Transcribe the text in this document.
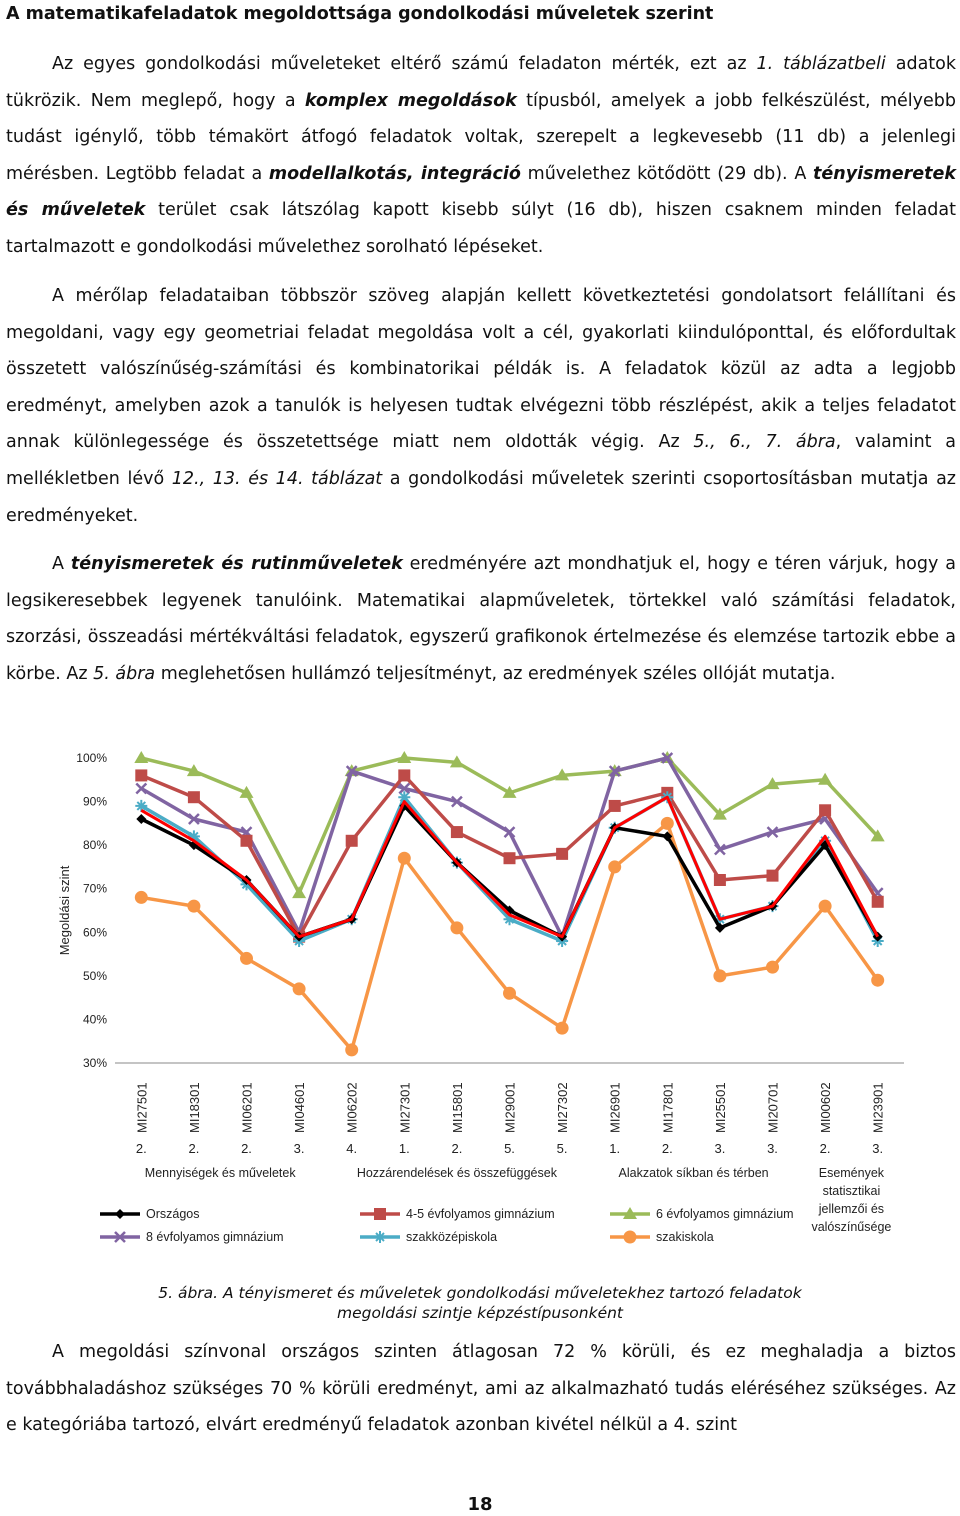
A matematikafeladatok megoldottsága gondolkodási műveletek szerint

Az egyes gondolkodási műveleteket eltérő számú feladaton mérték, ezt az 1. táblázatbeli adatok tükrözik. Nem meglepő, hogy a komplex megoldások típusból, amelyek a jobb felkészülést, mélyebb tudást igénylő, több témakört átfogó feladatok voltak, szerepelt a legkevesebb (11 db) a jelenlegi mérésben. Legtöbb feladat a modellalkotás, integráció művelethez kötődött (29 db). A tényismeretek és műveletek terület csak látszólag kapott kisebb súlyt (16 db), hiszen csaknem minden feladat tartalmazott e gondolkodási művelethez sorolható lépéseket.

A mérőlap feladataiban többször szöveg alapján kellett következtetési gondolatsort felállítani és megoldani, vagy egy geometriai feladat megoldása volt a cél, gyakorlati kiindulóponttal, és előfordultak összetett valószínűség-számítási és kombinatorikai példák is. A feladatok közül az adta a legjobb eredményt, amelyben azok a tanulók is helyesen tudtak elvégezni több részlépést, akik a teljes feladatot annak különlegessége és összetettsége miatt nem oldották végig. Az 5., 6., 7. ábra, valamint a mellékletben lévő 12., 13. és 14. táblázat a gondolkodási műveletek szerinti csoportosításban mutatja az eredményeket.

A tényismeretek és rutinműveletek eredményére azt mondhatjuk el, hogy e téren várjuk, hogy a legsikeresebbek legyenek tanulóink. Matematikai alapműveletek, törtekkel való számítási feladatok, szorzási, összeadási mértékváltási feladatok, egyszerű grafikonok értelmezése és elemzése tartozik ebbe a körbe. Az 5. ábra meglehetősen hullámzó teljesítményt, az eredmények széles ollóját mutatja.

30%
40%
50%
60%
70%
80%
90%
100%
Megoldási szint
MI27501
2.
MI18301
2.
MI06201
2.
MI04601
3.
MI06202
4.
MI27301
1.
MI15801
2.
MI29001
5.
MI27302
5.
MI26901
1.
MI17801
2.
MI25501
3.
MI20701
3.
MI00602
2.
MI23901
3.
Mennyiségek és műveletek	Hozzárendelések és összefüggések	Alakzatok síkban és térben	Események statisztikai jellemzői és valószínűsége
Országos	4-5 évfolyamos gimnázium	6 évfolyamos gimnázium
8 évfolyamos gimnázium	szakközépiskola	szakiskola
5. ábra. A tényismeret és műveletek gondolkodási műveletekhez tartozó feladatok
megoldási szintje képzéstípusonként

A megoldási színvonal országos szinten átlagosan 72 % körüli, és ez meghaladja a biztos továbbhaladáshoz szükséges 70 % körüli eredményt, ami az alkalmazható tudás eléréséhez szükséges. Az e kategóriába tartozó, elvárt eredményű feladatok azonban kivétel nélkül a 4. szint

18
